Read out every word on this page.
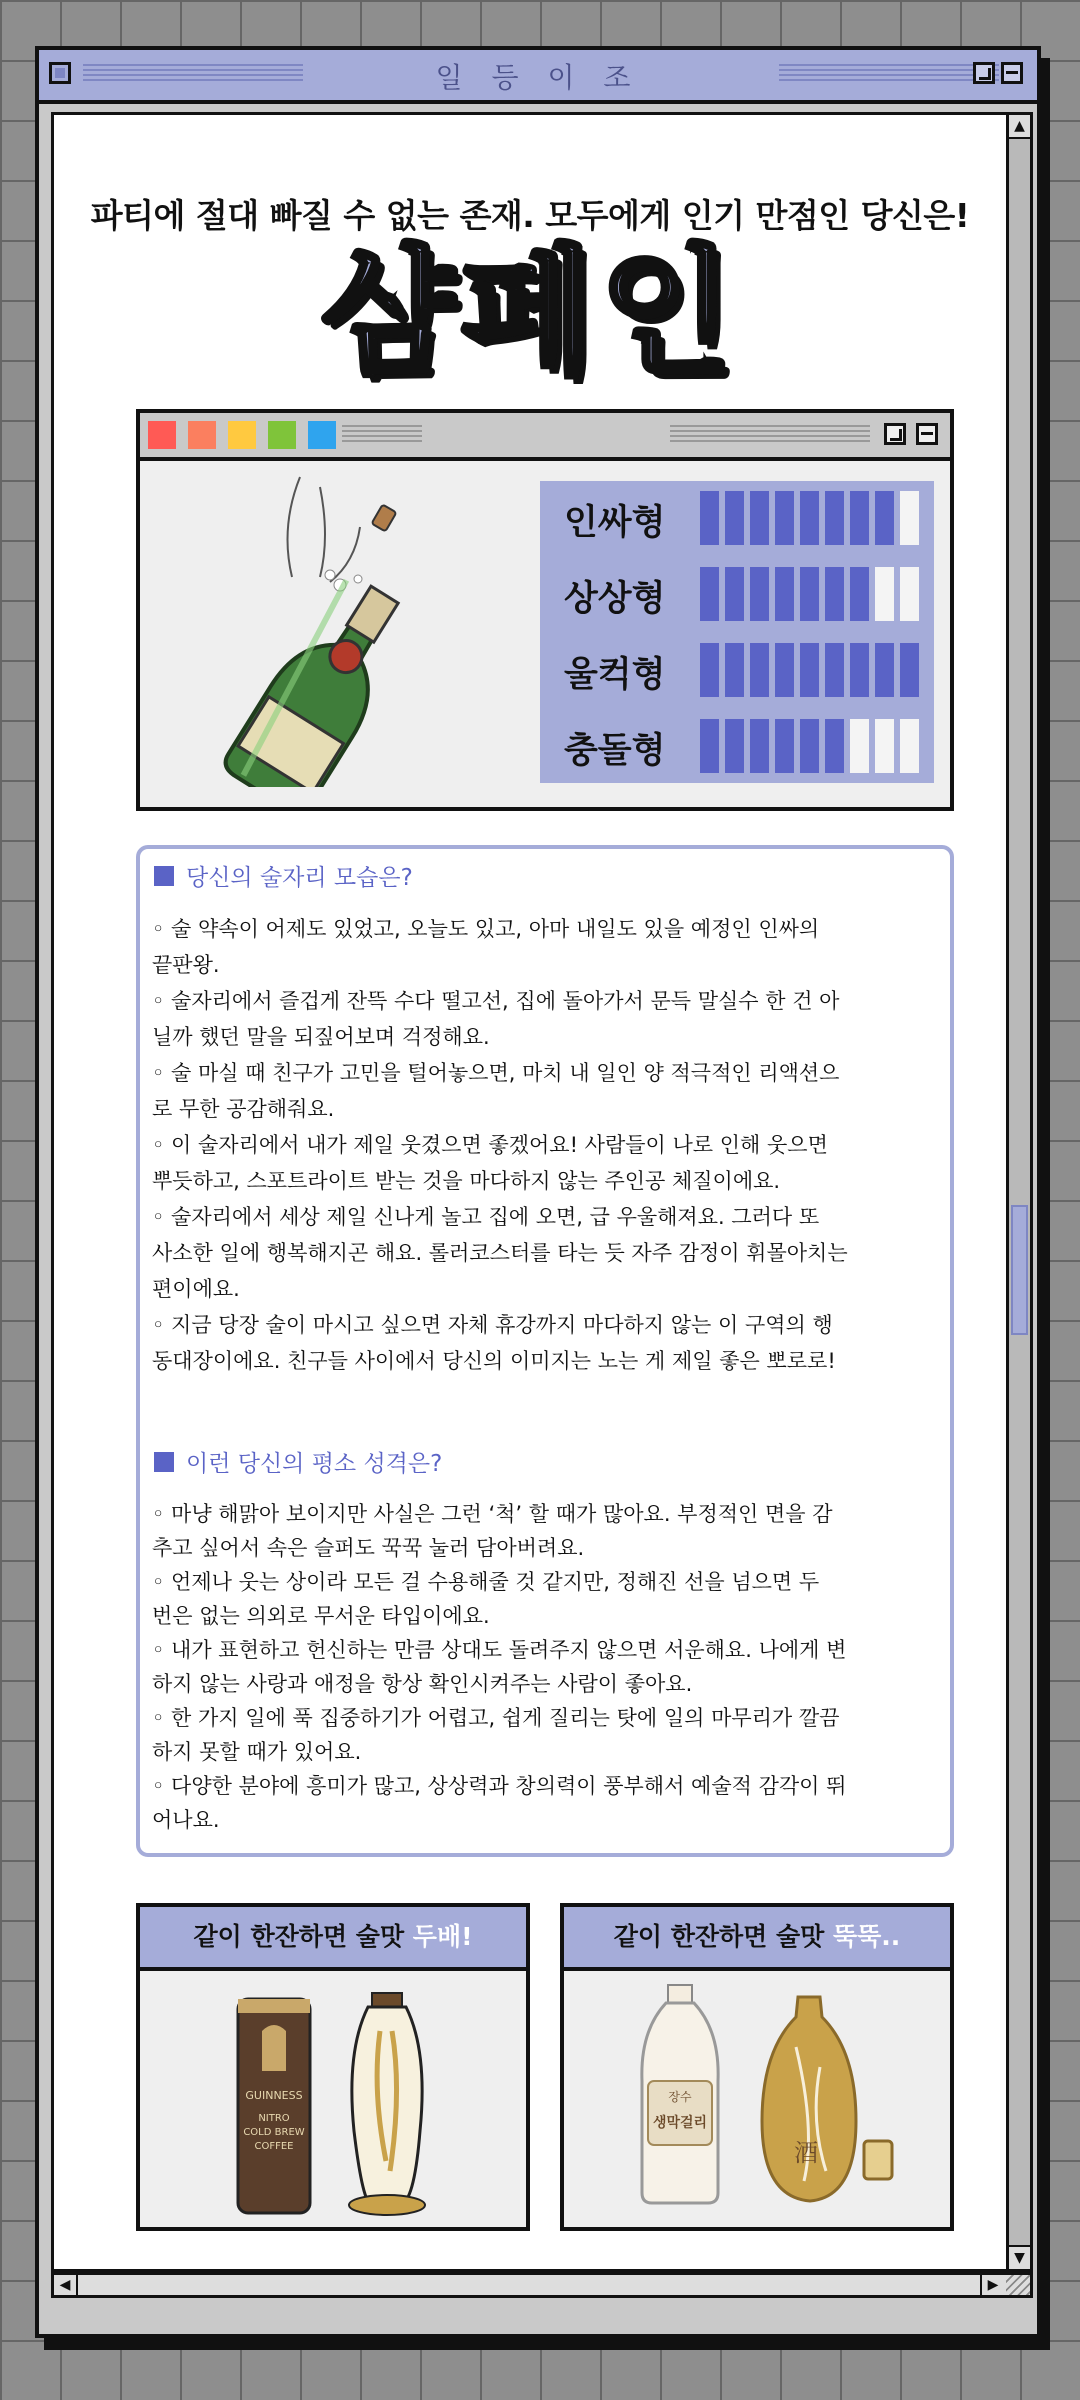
일 등 이 조
파티에 절대 빠질 수 없는 존재. 모두에게 인기 만점인 당신은!
샴페인
인싸형
상상형
울컥형
충돌형
당신의 술자리 모습은?
◦ 술 약속이 어제도 있었고, 오늘도 있고, 아마 내일도 있을 예정인 인싸의
끝판왕.
◦ 술자리에서 즐겁게 잔뜩 수다 떨고선, 집에 돌아가서 문득 말실수 한 건 아
닐까 했던 말을 되짚어보며 걱정해요.
◦ 술 마실 때 친구가 고민을 털어놓으면, 마치 내 일인 양 적극적인 리액션으
로 무한 공감해줘요.
◦ 이 술자리에서 내가 제일 웃겼으면 좋겠어요! 사람들이 나로 인해 웃으면
뿌듯하고, 스포트라이트 받는 것을 마다하지 않는 주인공 체질이에요.
◦ 술자리에서 세상 제일 신나게 놀고 집에 오면, 급 우울해져요. 그러다 또
사소한 일에 행복해지곤 해요. 롤러코스터를 타는 듯 자주 감정이 휘몰아치는
편이에요.
◦ 지금 당장 술이 마시고 싶으면 자체 휴강까지 마다하지 않는 이 구역의 행
동대장이에요. 친구들 사이에서 당신의 이미지는 노는 게 제일 좋은 뽀로로!
이런 당신의 평소 성격은?
◦ 마냥 해맑아 보이지만 사실은 그런 ‘척’ 할 때가 많아요. 부정적인 면을 감
추고 싶어서 속은 슬퍼도 꾹꾹 눌러 담아버려요.
◦ 언제나 웃는 상이라 모든 걸 수용해줄 것 같지만, 정해진 선을 넘으면 두
번은 없는 의외로 무서운 타입이에요.
◦ 내가 표현하고 헌신하는 만큼 상대도 돌려주지 않으면 서운해요. 나에게 변
하지 않는 사랑과 애정을 항상 확인시켜주는 사람이 좋아요.
◦ 한 가지 일에 푹 집중하기가 어렵고, 쉽게 질리는 탓에 일의 마무리가 깔끔
하지 못할 때가 있어요.
◦ 다양한 분야에 흥미가 많고, 상상력과 창의력이 풍부해서 예술적 감각이 뛰
어나요.
같이 한잔하면 술맛 두배!
GUINNESS
NITRO
COLD BREW
COFFEE
같이 한잔하면 술맛 뚝뚝..
장수
생막걸리
酒
▲
▼
◀	▶
